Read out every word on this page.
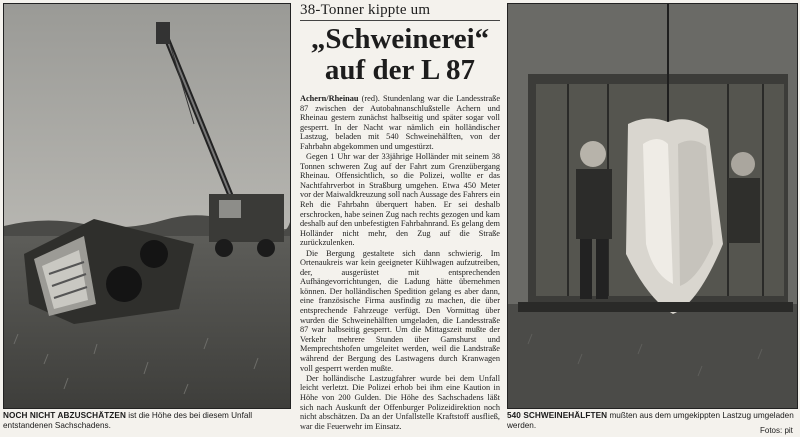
NOCH NICHT ABZUSCHÄTZEN ist die Höhe des bei diesem Unfall entstandenen Sachschadens.
38-Tonner kippte um
„Schweinerei“ auf der L 87

Achern/Rheinau (red). Stundenlang war die Landesstraße 87 zwischen der Autobahnanschlußstelle Achern und Rheinau gestern zunächst halbseitig und später sogar voll gesperrt. In der Nacht war nämlich ein holländischer Lastzug, beladen mit 540 Schweinehälften, von der Fahrbahn abgekommen und umgestürzt.

Gegen 1 Uhr war der 33jährige Holländer mit seinem 38 Tonnen schweren Zug auf der Fahrt zum Grenzübergang Rheinau. Offensichtlich, so die Polizei, wollte er das Nachtfahrverbot in Straßburg umgehen. Etwa 450 Meter vor der Maiwaldkreuzung soll nach Aussage des Fahrers ein Reh die Fahrbahn überquert haben. Er sei deshalb erschrocken, habe seinen Zug nach rechts gezogen und kam deshalb auf den unbefestigten Fahrbahnrand. Es gelang dem Holländer nicht mehr, den Zug auf die Straße zurückzulenken.

Die Bergung gestaltete sich dann schwierig. Im Ortenaukreis war kein geeigneter Kühlwagen aufzutreiben, der, ausgerüstet mit entsprechenden Aufhängevorrichtungen, die Ladung hätte übernehmen können. Der holländischen Spedition gelang es aber dann, eine französische Firma ausfindig zu machen, die über entsprechende Fahrzeuge verfügt. Den Vormittag über wurden die Schweinehälften umgeladen, die Landesstraße 87 war halbseitig gesperrt. Um die Mittagszeit mußte der Verkehr mehrere Stunden über Gamshurst und Memprechtshofen umgeleitet werden, weil die Landstraße während der Bergung des Lastwagens durch Kranwagen voll gesperrt werden mußte.

Der holländische Lastzugfahrer wurde bei dem Unfall leicht verletzt. Die Polizei erhob bei ihm eine Kaution in Höhe von 200 Gulden. Die Höhe des Sachschadens läßt sich nach Auskunft der Offenburger Polizeidirektion noch nicht abschätzen. Da an der Unfallstelle Kraftstoff ausfließ, war die Feuerwehr im Einsatz.

540 SCHWEINEHÄLFTEN mußten aus dem umgekippten Lastzug umgeladen werden.
Fotos: pit
